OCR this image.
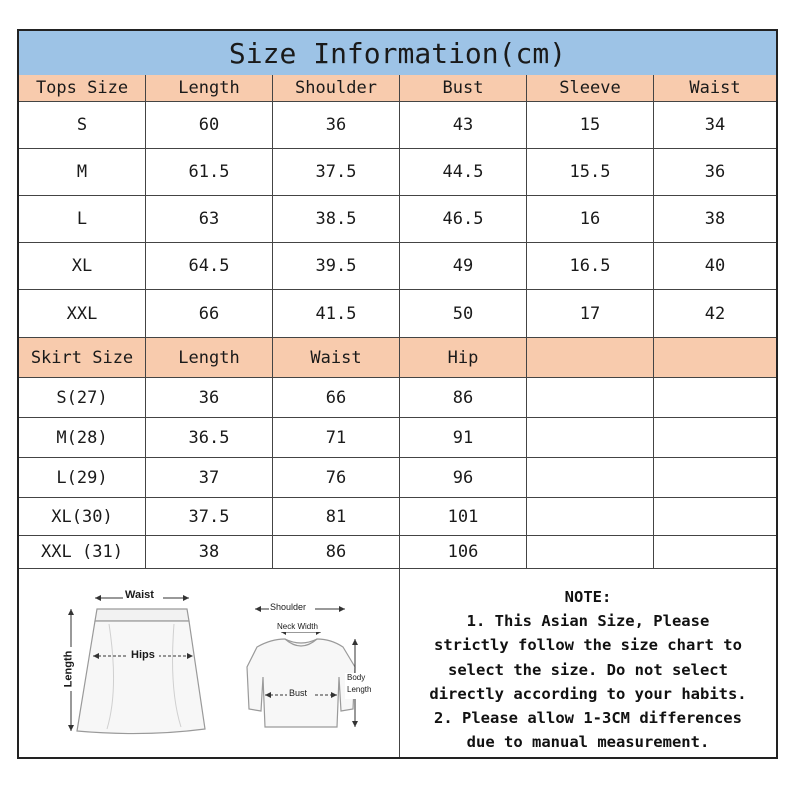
Size Information(cm)
Tops Size	Length	Shoulder	Bust	Sleeve	Waist
S	60	36	43	15	34
M	61.5	37.5	44.5	15.5	36
L	63	38.5	46.5	16	38
XL	64.5	39.5	49	16.5	40
XXL	66	41.5	50	17	42
Skirt Size	Length	Waist	Hip
S(27)	36	66	86
M(28)	36.5	71	91
L(29)	37	76	96
XL(30)	37.5	81	101
XXL (31)	38	86	106
Waist
Hips
Length
Shoulder
Neck Width
Body
Length
Bust
NOTE:
1. This Asian Size, Please
strictly follow the size chart to
select the size. Do not select
directly according to your habits.
2. Please allow 1-3CM differences
due to manual measurement.
